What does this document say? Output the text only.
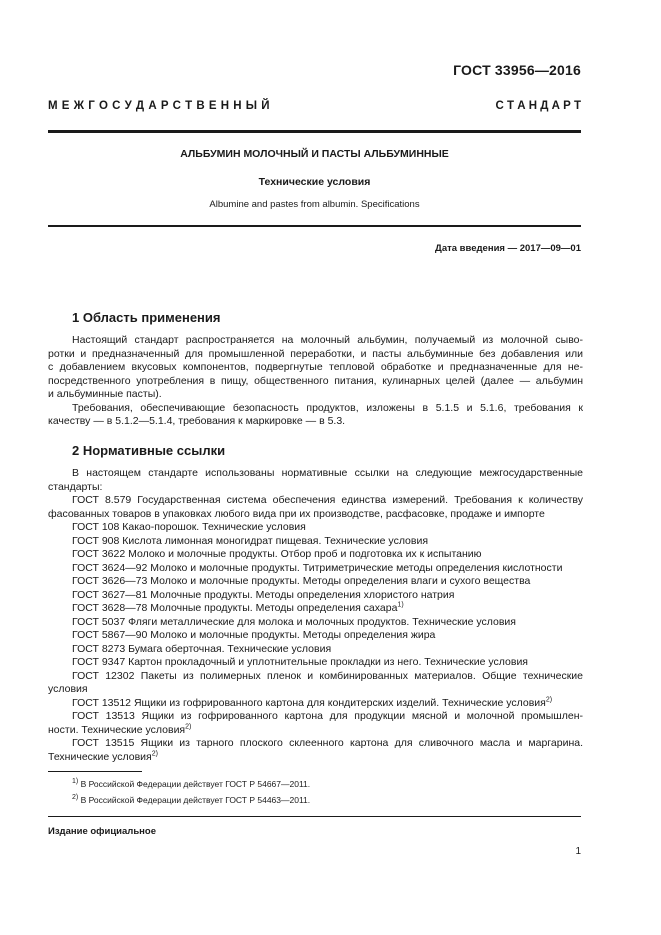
ГОСТ 33956—2016
М Е Ж Г О С У Д А Р С Т В Е Н Н Ы Й	С Т А Н Д А Р Т
АЛЬБУМИН МОЛОЧНЫЙ И ПАСТЫ АЛЬБУМИННЫЕ
Технические условия
Albumine and pastes from albumin. Specifications
Дата введения — 2017—09—01
1 Область применения

Настоящий стандарт распространяется на молочный альбумин, получаемый из молочной сыво-

ротки и предназначенный для промышленной переработки, и пасты альбуминные без добавления или

с добавлением вкусовых компонентов, подвергнутые тепловой обработке и предназначенные для не-

посредственного употребления в пищу, общественного питания, кулинарных целей (далее — альбумин

и альбуминные пасты).

Требования, обеспечивающие безопасность продуктов, изложены в 5.1.5 и 5.1.6, требования к

качеству — в 5.1.2—5.1.4, требования к маркировке — в 5.3.

2 Нормативные ссылки

В настоящем стандарте использованы нормативные ссылки на следующие межгосударственные

стандарты:

ГОСТ 8.579 Государственная система обеспечения единства измерений. Требования к количеству

фасованных товаров в упаковках любого вида при их производстве, расфасовке, продаже и импорте

ГОСТ 108 Какао-порошок. Технические условия

ГОСТ 908 Кислота лимонная моногидрат пищевая. Технические условия

ГОСТ 3622 Молоко и молочные продукты. Отбор проб и подготовка их к испытанию

ГОСТ 3624—92 Молоко и молочные продукты. Титриметрические методы определения кислотности

ГОСТ 3626—73 Молоко и молочные продукты. Методы определения влаги и сухого вещества

ГОСТ 3627—81 Молочные продукты. Методы определения хлористого натрия

ГОСТ 3628—78 Молочные продукты. Методы определения сахара$^{1)}$

ГОСТ 5037 Фляги металлические для молока и молочных продуктов. Технические условия

ГОСТ 5867—90 Молоко и молочные продукты. Методы определения жира

ГОСТ 8273 Бумага оберточная. Технические условия

ГОСТ 9347 Картон прокладочный и уплотнительные прокладки из него. Технические условия

ГОСТ 12302 Пакеты из полимерных пленок и комбинированных материалов. Общие технические

условия

ГОСТ 13512 Ящики из гофрированного картона для кондитерских изделий. Технические условия$^{2)}$

ГОСТ 13513 Ящики из гофрированного картона для продукции мясной и молочной промышлен-

ности. Технические условия$^{2)}$

ГОСТ 13515 Ящики из тарного плоского склеенного картона для сливочного масла и маргарина.

Технические условия$^{2)}$

$^{1)}$ В Российской Федерации действует ГОСТ Р 54667—2011.
$^{2)}$ В Российской Федерации действует ГОСТ Р 54463—2011.
Издание официальное
1
